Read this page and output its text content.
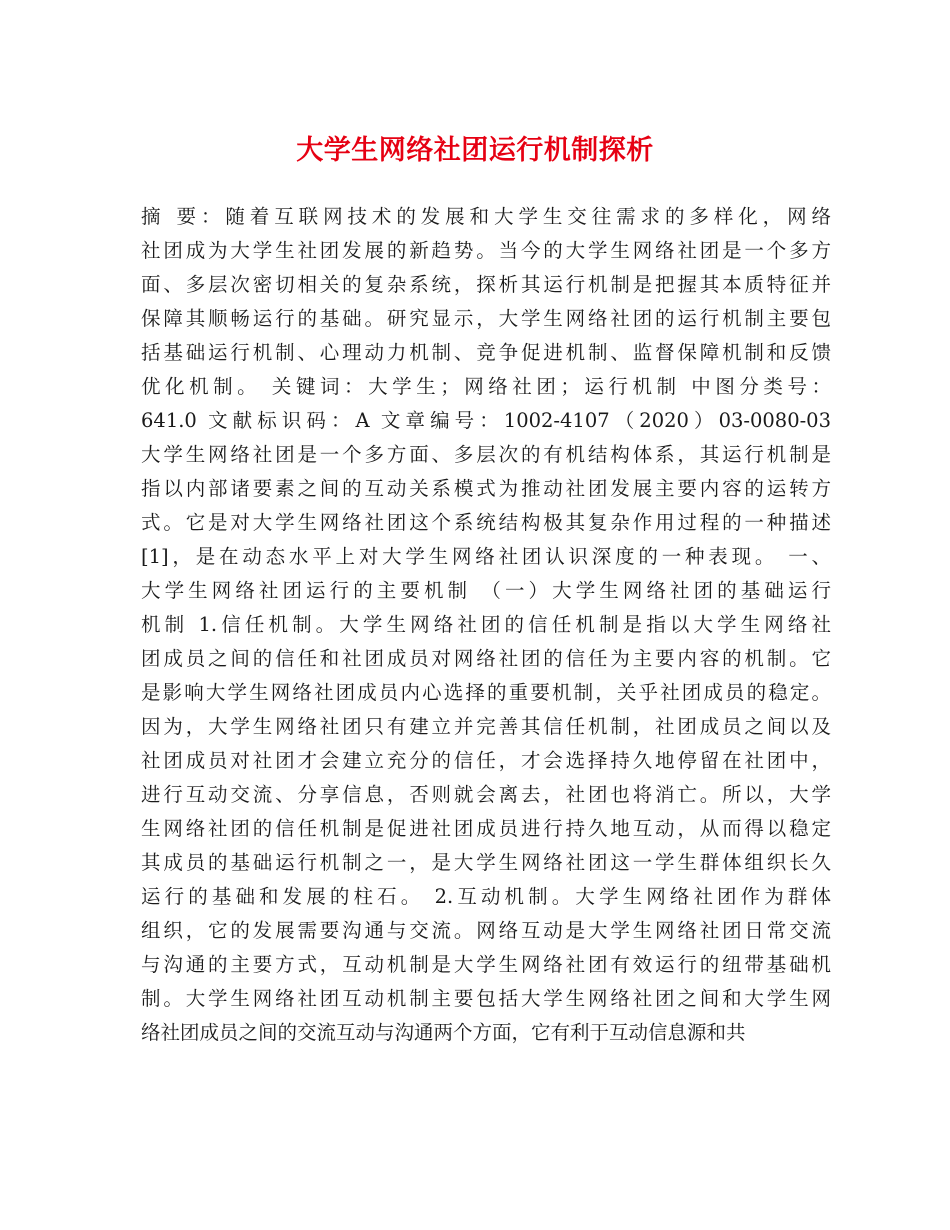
大学生网络社团运行机制探析
摘 要：随着互联网技术的发展和大学生交往需求的多样化，网络
社团成为大学生社团发展的新趋势。当今的大学生网络社团是一个多方
面、多层次密切相关的复杂系统，探析其运行机制是把握其本质特征并
保障其顺畅运行的基础。研究显示，大学生网络社团的运行机制主要包
括基础运行机制、心理动力机制、竞争促进机制、监督保障机制和反馈
优化机制。 关键词：大学生；网络社团；运行机制 中图分类号：
641.0 文献标识码：A 文章编号：1002-4107（2020）03-0080-03
大学生网络社团是一个多方面、多层次的有机结构体系，其运行机制是
指以内部诸要素之间的互动关系模式为推动社团发展主要内容的运转方
式。它是对大学生网络社团这个系统结构极其复杂作用过程的一种描述
[1]，是在动态水平上对大学生网络社团认识深度的一种表现。 一、
大学生网络社团运行的主要机制 （一）大学生网络社团的基础运行
机制 1.信任机制。大学生网络社团的信任机制是指以大学生网络社
团成员之间的信任和社团成员对网络社团的信任为主要内容的机制。它
是影响大学生网络社团成员内心选择的重要机制，关乎社团成员的稳定。
因为，大学生网络社团只有建立并完善其信任机制，社团成员之间以及
社团成员对社团才会建立充分的信任，才会选择持久地停留在社团中，
进行互动交流、分享信息，否则就会离去，社团也将消亡。所以，大学
生网络社团的信任机制是促进社团成员进行持久地互动，从而得以稳定
其成员的基础运行机制之一，是大学生网络社团这一学生群体组织长久
运行的基础和发展的柱石。 2.互动机制。大学生网络社团作为群体
组织，它的发展需要沟通与交流。网络互动是大学生网络社团日常交流
与沟通的主要方式，互动机制是大学生网络社团有效运行的纽带基础机
制。大学生网络社团互动机制主要包括大学生网络社团之间和大学生网
络社团成员之间的交流互动与沟通两个方面，它有利于互动信息源和共
